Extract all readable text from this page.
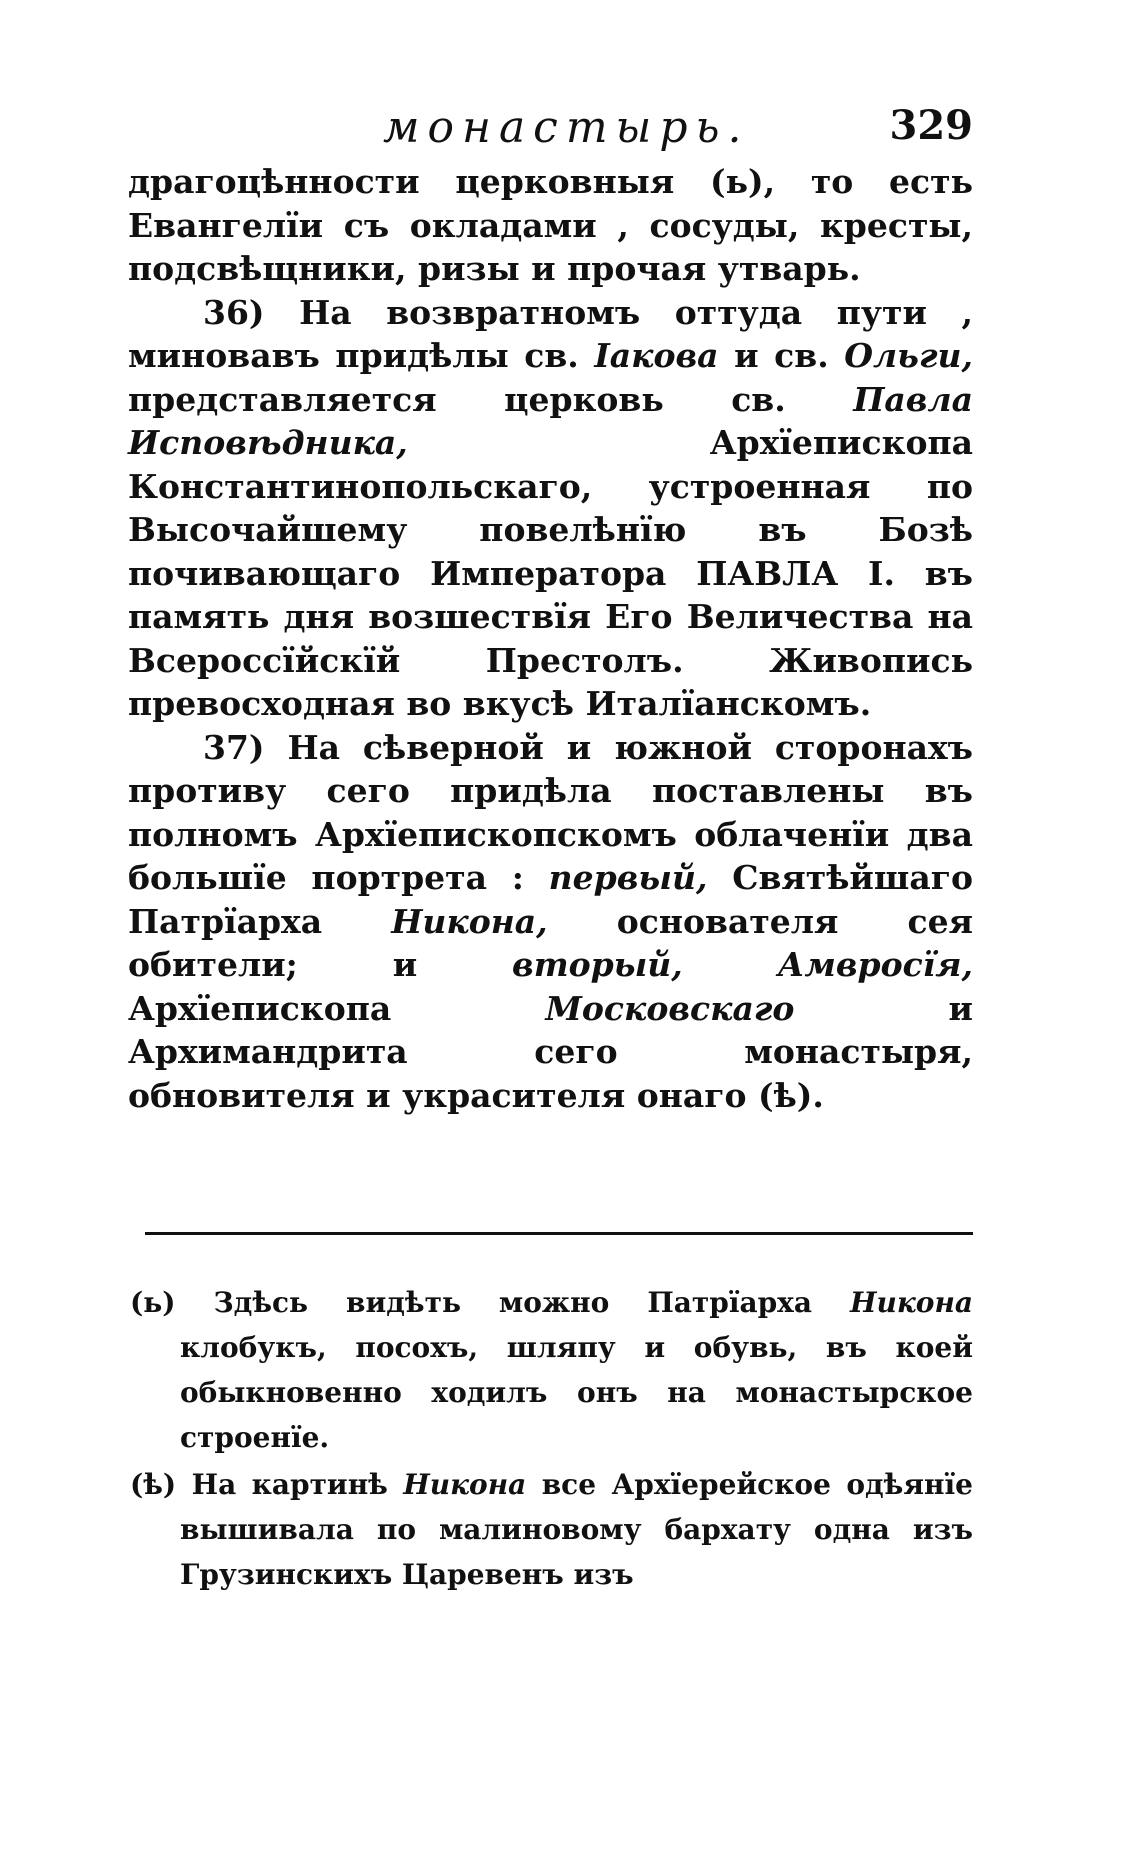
монастырь.	329

драгоцѣнности церковныя (ь), то есть Евангелїи съ окладами , сосуды, кресты, подсвѣщники, ризы и прочая утварь.

36) На возвратномъ оттуда пути , миновавъ придѣлы св. Iакова и св. Ольги, представляется церковь св. Павла Исповѣдника, Архїепископа Константинопольскаго, устроенная по Высочайшему повелѣнїю въ Бозѣ почивающаго Императора ПАВЛА I. въ память дня возшествїя Его Величества на Всероссїйскїй Престолъ. Живопись превосходная во вкусѣ Италїанскомъ.

37) На сѣверной и южной сторонахъ противу сего придѣла поставлены въ полномъ Архїепископскомъ облаченїи два большїе портрета : первый, Святѣйшаго Патрїарха Никона, основателя сея обители; и вторый,	Амвросїя, Архїепископа Московскаго и Архимандрита сего монастыря, обновителя и украсителя онаго (ѣ).

(ь) Здѣсь видѣть можно Патрїарха Никона клобукъ, посохъ, шляпу и обувь, въ коей обыкновенно ходилъ онъ на монастырское строенїе.

(ѣ) На картинѣ Никона все Архїерейское одѣянїе вышивала по малиновому бархату одна изъ Грузинскихъ Царевенъ изъ
